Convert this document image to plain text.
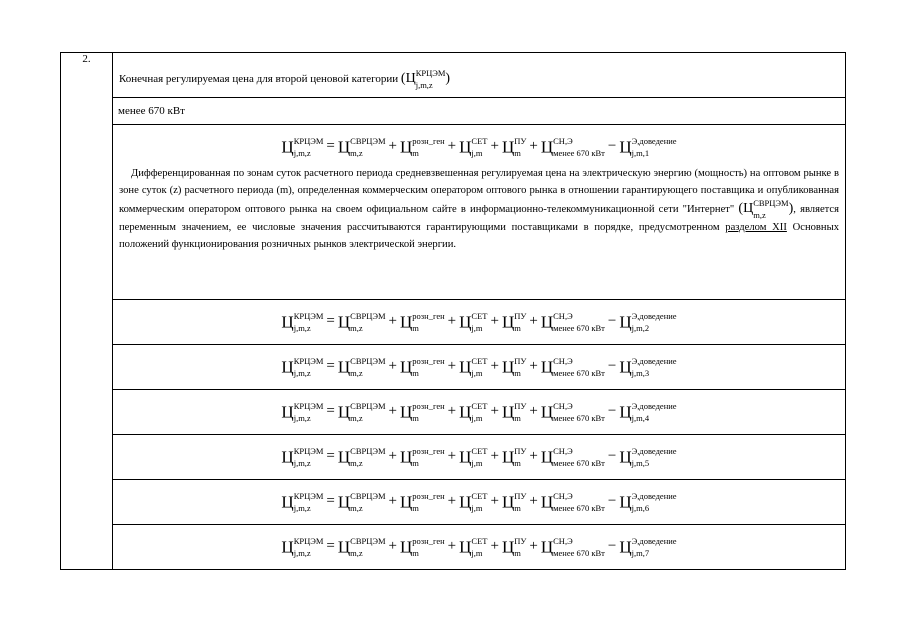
2.	
Конечная регулируемая цена для второй ценовой категории (Ц КРЦЭМ
j,m,z )

менее 670 кВт

Ц КРЦЭМ
j,m,z	= Ц СВРЦЭМ
m,z	+ Ц розн_ген
m	+ Ц СЕТ
j,m + Ц ПУ
m + Ц СН,Э
менее 670 кВт − Ц Э,доведение
j,m,1
Дифференцированная по зонам суток расчетного периода средневзвешенная регулируемая цена на электрическую энергию (мощность) на оптовом рынке в зоне суток (z) расчетного периода (m), определенная коммерческим оператором оптового рынка в отношении гарантирующего поставщика и опубликованная коммерческим оператором оптового рынка на своем официальном сайте в информационно-телекоммуникационной сети "Интернет" (Ц СВРЦЭМ
m,z	), является переменным значением, ее числовые значения рассчитываются гарантирующими поставщиками в порядке, предусмотренном разделом XII Основных положений функционирования розничных рынков электрической энергии.

Ц КРЦЭМ
j,m,z	= Ц СВРЦЭМ
m,z	+ Ц розн_ген
m	+ Ц СЕТ
j,m + Ц ПУ
m + Ц СН,Э
менее 670 кВт − Ц Э,доведение
j,m,2

Ц КРЦЭМ
j,m,z	= Ц СВРЦЭМ
m,z	+ Ц розн_ген
m	+ Ц СЕТ
j,m + Ц ПУ
m + Ц СН,Э
менее 670 кВт − Ц Э,доведение
j,m,3

Ц КРЦЭМ
j,m,z	= Ц СВРЦЭМ
m,z	+ Ц розн_ген
m	+ Ц СЕТ
j,m + Ц ПУ
m + Ц СН,Э
менее 670 кВт − Ц Э,доведение
j,m,4

Ц КРЦЭМ
j,m,z	= Ц СВРЦЭМ
m,z	+ Ц розн_ген
m	+ Ц СЕТ
j,m + Ц ПУ
m + Ц СН,Э
менее 670 кВт − Ц Э,доведение
j,m,5

Ц КРЦЭМ
j,m,z	= Ц СВРЦЭМ
m,z	+ Ц розн_ген
m	+ Ц СЕТ
j,m + Ц ПУ
m + Ц СН,Э
менее 670 кВт − Ц Э,доведение
j,m,6

Ц КРЦЭМ
j,m,z	= Ц СВРЦЭМ
m,z	+ Ц розн_ген
m	+ Ц СЕТ
j,m + Ц ПУ
m + Ц СН,Э
менее 670 кВт − Ц Э,доведение
j,m,7
